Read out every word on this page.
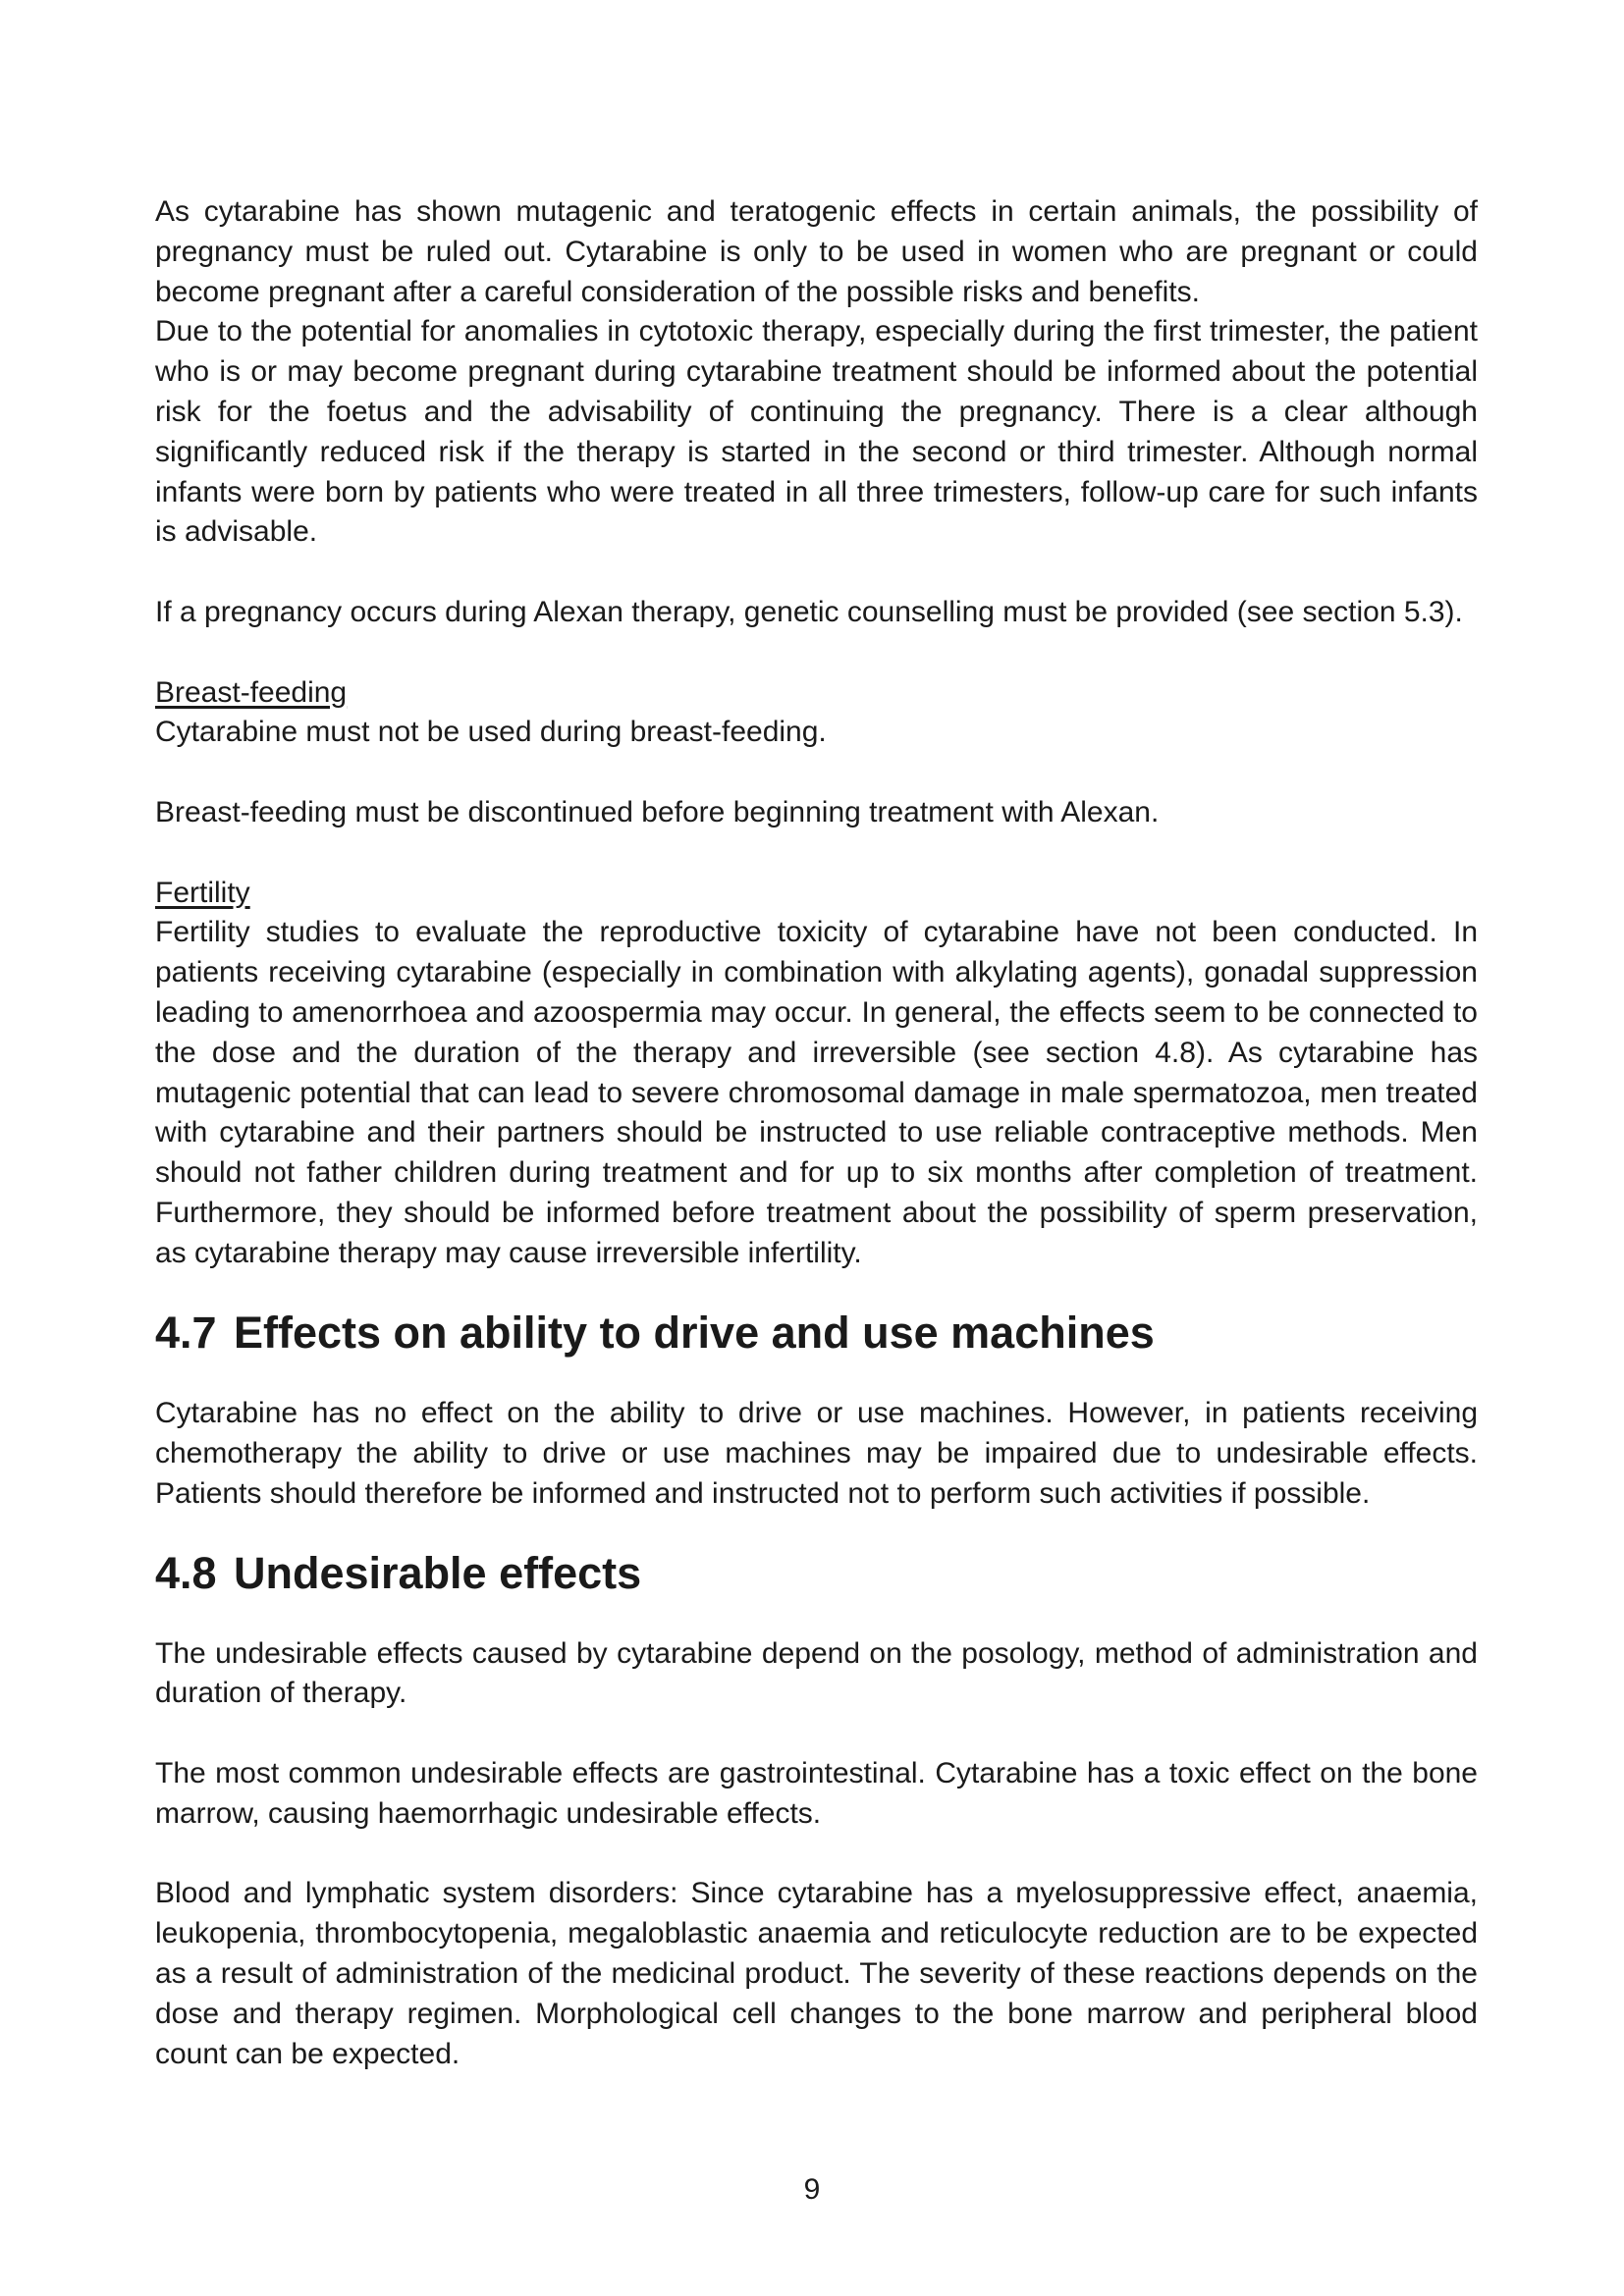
As cytarabine has shown mutagenic and teratogenic effects in certain animals, the possibility of pregnancy must be ruled out. Cytarabine is only to be used in women who are pregnant or could become pregnant after a careful consideration of the possible risks and benefits.

Due to the potential for anomalies in cytotoxic therapy, especially during the first trimester, the patient who is or may become pregnant during cytarabine treatment should be informed about the potential risk for the foetus and the advisability of continuing the pregnancy. There is a clear although significantly reduced risk if the therapy is started in the second or third trimester. Although normal infants were born by patients who were treated in all three trimesters, follow-up care for such infants is advisable.

If a pregnancy occurs during Alexan therapy, genetic counselling must be provided (see section 5.3).

Breast-feeding

Cytarabine must not be used during breast-feeding.

Breast-feeding must be discontinued before beginning treatment with Alexan.

Fertility

Fertility studies to evaluate the reproductive toxicity of cytarabine have not been conducted. In patients receiving cytarabine (especially in combination with alkylating agents), gonadal suppression leading to amenorrhoea and azoospermia may occur. In general, the effects seem to be connected to the dose and the duration of the therapy and irreversible (see section 4.8). As cytarabine has mutagenic potential that can lead to severe chromosomal damage in male spermatozoa, men treated with cytarabine and their partners should be instructed to use reliable contraceptive methods. Men should not father children during treatment and for up to six months after completion of treatment. Furthermore, they should be informed before treatment about the possibility of sperm preservation, as cytarabine therapy may cause irreversible infertility.

4.7 Effects on ability to drive and use machines

Cytarabine has no effect on the ability to drive or use machines. However, in patients receiving chemotherapy the ability to drive or use machines may be impaired due to undesirable effects. Patients should therefore be informed and instructed not to perform such activities if possible.

4.8 Undesirable effects

The undesirable effects caused by cytarabine depend on the posology, method of administration and duration of therapy.

The most common undesirable effects are gastrointestinal. Cytarabine has a toxic effect on the bone marrow, causing haemorrhagic undesirable effects.

Blood and lymphatic system disorders: Since cytarabine has a myelosuppressive effect, anaemia, leukopenia, thrombocytopenia, megaloblastic anaemia and reticulocyte reduction are to be expected as a result of administration of the medicinal product. The severity of these reactions depends on the dose and therapy regimen. Morphological cell changes to the bone marrow and peripheral blood count can be expected.

9
